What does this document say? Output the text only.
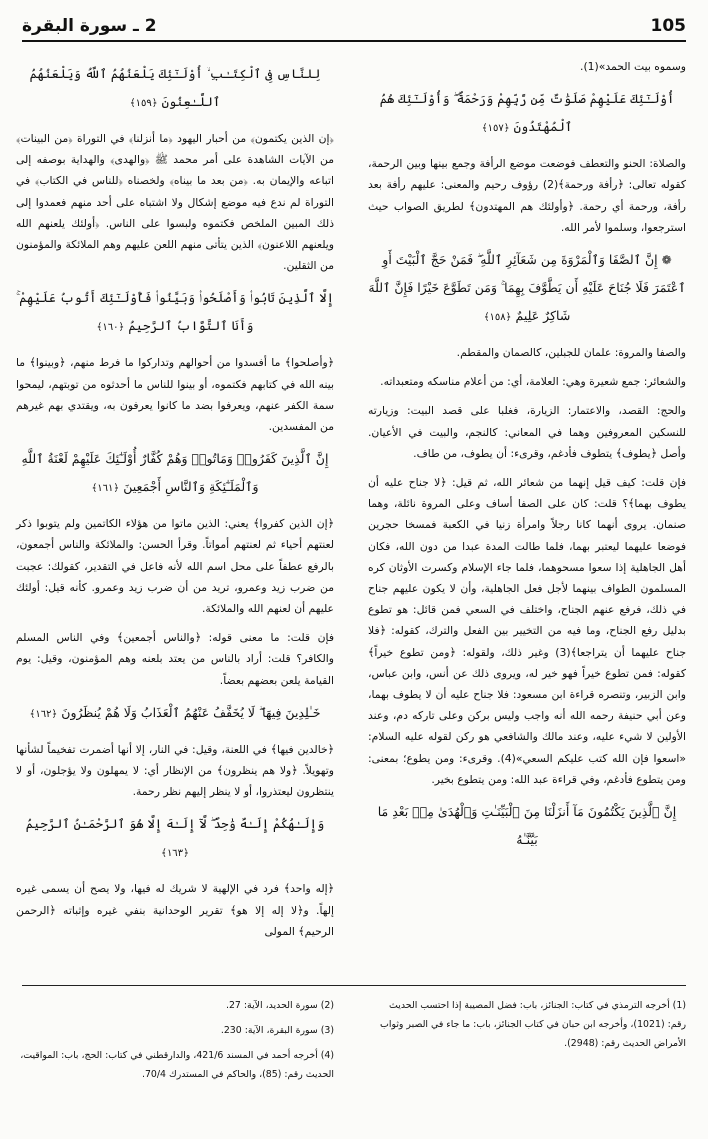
105
2 ـ سورة البقرة

وسموه بيت الحمد»(1).

أُوْلَـٰٓئِكَ عَلَيْهِمْ صَلَوَٰتٌ مِّن رَّبِّهِمْ وَرَحْمَةٌ ۖ وَأُوْلَـٰٓئِكَ هُمُ ٱلْمُهْتَدُونَ ﴿١٥٧﴾

والصلاة: الحنو والتعطف فوضعت موضع الرأفة وجمع بينها وبين الرحمة، كقوله تعالى: ﴿رأفة ورحمة﴾(2) رؤوف رحيم والمعنى: عليهم رأفة بعد رأفة، ورحمة أي رحمة. ﴿وأولئك هم المهتدون﴾ لطريق الصواب حيث استرجعوا، وسلموا لأمر الله.

❁ إِنَّ ٱلصَّفَا وَٱلْمَرْوَةَ مِن شَعَآئِرِ ٱللَّهِ ۖ فَمَنْ حَجَّ ٱلْبَيْتَ أَوِ ٱعْتَمَرَ فَلَا جُنَاحَ عَلَيْهِ أَن يَطَّوَّفَ بِهِمَا ۚ وَمَن تَطَوَّعَ خَيْرًا فَإِنَّ ٱللَّهَ شَاكِرٌ عَلِيمٌ ﴿١٥٨﴾

والصفا والمروة: علمان للجبلين، كالصمان والمقطم.

والشعائر: جمع شعيرة وهي: العلامة، أي: من أعلام مناسكه ومتعبداته.

والحج: القصد، والاعتمار: الزيارة، فغلبا على قصد البيت: وزيارته للنسكين المعروفين وهما في المعاني: كالنجم، والبيت في الأعيان. وأصل ﴿يطوف﴾ يتطوف فأدغم، وقرىء: أن يطوف، من طاف.

فإن قلت: كيف قيل إنهما من شعائر الله، ثم قيل: ﴿لا جناح عليه أن يطوف بهما﴾؟ قلت: كان على الصفا أساف وعلى المروة نائلة، وهما صنمان. يروى أنهما كانا رجلاً وامرأة زنيا في الكعبة فمسخا حجرين فوضعا عليهما ليعتبر بهما، فلما طالت المدة عبدا من دون الله، فكان أهل الجاهلية إذا سعوا مسحوهما، فلما جاء الإسلام وكسرت الأوثان كره المسلمون الطواف بينهما لأجل فعل الجاهلية، وأن لا يكون عليهم جناح في ذلك، فرفع عنهم الجناح، واختلف في السعي فمن قائل: هو تطوع بدليل رفع الجناح، وما فيه من التخيير بين الفعل والترك، كقوله: ﴿فلا جناح عليهما أن يتراجعا﴾(3) وغير ذلك، ولقوله: ﴿ومن تطوع خيراً﴾ كقوله: فمن تطوع خيراً فهو خير له، ويروى ذلك عن أنس، وابن عباس، وابن الزبير، وتنصره قراءة ابن مسعود: فلا جناح عليه أن لا يطوف بهما، وعن أبي حنيفة رحمه الله أنه واجب وليس بركن وعلى تاركه دم، وعند الأولين لا شيء عليه، وعند مالك والشافعي هو ركن لقوله عليه السلام: «اسعوا فإن الله كتب عليكم السعي»(4). وقرىء: ومن يطوع؛ بمعنى: ومن يتطوع فأدغم، وفي قراءة عبد الله: ومن يتطوع بخير.

إِنَّ ٱلَّذِينَ يَكْتُمُونَ مَآ أَنزَلْنَا مِنَ ٱلْبَيِّنَـٰتِ وَٱلْهُدَىٰ مِنۢ بَعْدِ مَا بَيَّنَّـٰهُ
لِلنَّاسِ فِى ٱلْكِتَـٰبِ ۙ أُوْلَـٰٓئِكَ يَلْعَنُهُمُ ٱللَّهُ وَيَلْعَنُهُمُ ٱللَّـٰعِنُونَ ﴿١٥٩﴾

﴿إن الذين يكتمون﴾ من أحبار اليهود ﴿ما أنزلنا﴾ في التوراة ﴿من البينات﴾ من الآيات الشاهدة على أمر محمد ﷺ ﴿والهدى﴾ والهداية بوصفه إلى اتباعه والإيمان به. ﴿من بعد ما بيناه﴾ ولخصناه ﴿للناس في الكتاب﴾ في التوراة لم ندع فيه موضع إشكال ولا اشتباه على أحد منهم فعمدوا إلى ذلك المبين الملخص فكتموه ولبسوا على الناس. ﴿أولئك يلعنهم الله ويلعنهم اللاعنون﴾ الذين يتأتى منهم اللعن عليهم وهم الملائكة والمؤمنون من الثقلين.

إِلَّا ٱلَّذِينَ تَابُوا۟ وَأَصْلَحُوا۟ وَبَيَّنُوا۟ فَأُوْلَـٰٓئِكَ أَتُوبُ عَلَيْهِمْ ۚ وَأَنَا ٱلتَّوَّابُ ٱلرَّحِيمُ ﴿١٦٠﴾

﴿وأصلحوا﴾ ما أفسدوا من أحوالهم وتداركوا ما فرط منهم، ﴿وبينوا﴾ ما بينه الله في كتابهم فكتموه، أو بينوا للناس ما أحدثوه من توبتهم، ليمحوا سمة الكفر عنهم، ويعرفوا بضد ما كانوا يعرفون به، ويقتدي بهم غيرهم من المفسدين.

إِنَّ ٱلَّذِينَ كَفَرُوا۟ وَمَاتُوا۟ وَهُمْ كُفَّارٌ أُوْلَـٰٓئِكَ عَلَيْهِمْ لَعْنَةُ ٱللَّهِ وَٱلْمَلَـٰٓئِكَةِ وَٱلنَّاسِ أَجْمَعِينَ ﴿١٦١﴾

﴿إن الذين كفروا﴾ يعني: الذين ماتوا من هؤلاء الكاتمين ولم يتوبوا ذكر لعنتهم أحياء ثم لعنتهم أمواتاً. وقرأ الحسن: والملائكة والناس أجمعون، بالرفع عطفاً على محل اسم الله لأنه فاعل في التقدير، كقولك: عجبت من ضرب زيد وعمرو، تريد من أن ضرب زيد وعمرو. كأنه قيل: أولئك عليهم أن لعنهم الله والملائكة.

فإن قلت: ما معنى قوله: ﴿والناس أجمعين﴾ وفي الناس المسلم والكافر؟ قلت: أراد بالناس من يعتد بلعنه وهم المؤمنون، وقيل: يوم القيامة يلعن بعضهم بعضاً.

خَـٰلِدِينَ فِيهَا ۖ لَا يُخَفَّفُ عَنْهُمُ ٱلْعَذَابُ وَلَا هُمْ يُنظَرُونَ ﴿١٦٢﴾

﴿خالدين فيها﴾ في اللعنة، وقيل: في النار، إلا أنها أضمرت تفخيماً لشأنها وتهويلاً. ﴿ولا هم ينظرون﴾ من الإنظار أي: لا يمهلون ولا يؤجلون، أو لا ينتظرون ليعتذروا، أو لا ينظر إليهم نظر رحمة.

وَإِلَـٰهُكُمْ إِلَـٰهٌ وَٰحِدٌ ۖ لَّآ إِلَـٰهَ إِلَّا هُوَ ٱلرَّحْمَـٰنُ ٱلرَّحِيمُ ﴿١٦٣﴾

﴿إله واحد﴾ فرد في الإلهية لا شريك له فيها، ولا يصح أن يسمى غيره إلهاً. و﴿لا إله إلا هو﴾ تقرير الوحدانية بنفي غيره وإثباته ﴿الرحمن الرحيم﴾ المولى

(1) أخرجه الترمذي في كتاب: الجنائز، باب: فضل المصيبة إذا احتسب الحديث رقم: (1021)، وأخرجه ابن حبان في كتاب الجنائز، باب: ما جاء في الصبر وثواب الأمراض الحديث رقم: (2948).

(2) سورة الحديد، الآية: 27.

(3) سورة البقرة، الآية: 230.

(4) أخرجه أحمد في المسند 421/6، والدارقطني في كتاب: الحج، باب: المواقيت، الحديث رقم: (85)، والحاكم في المستدرك 70/4.
